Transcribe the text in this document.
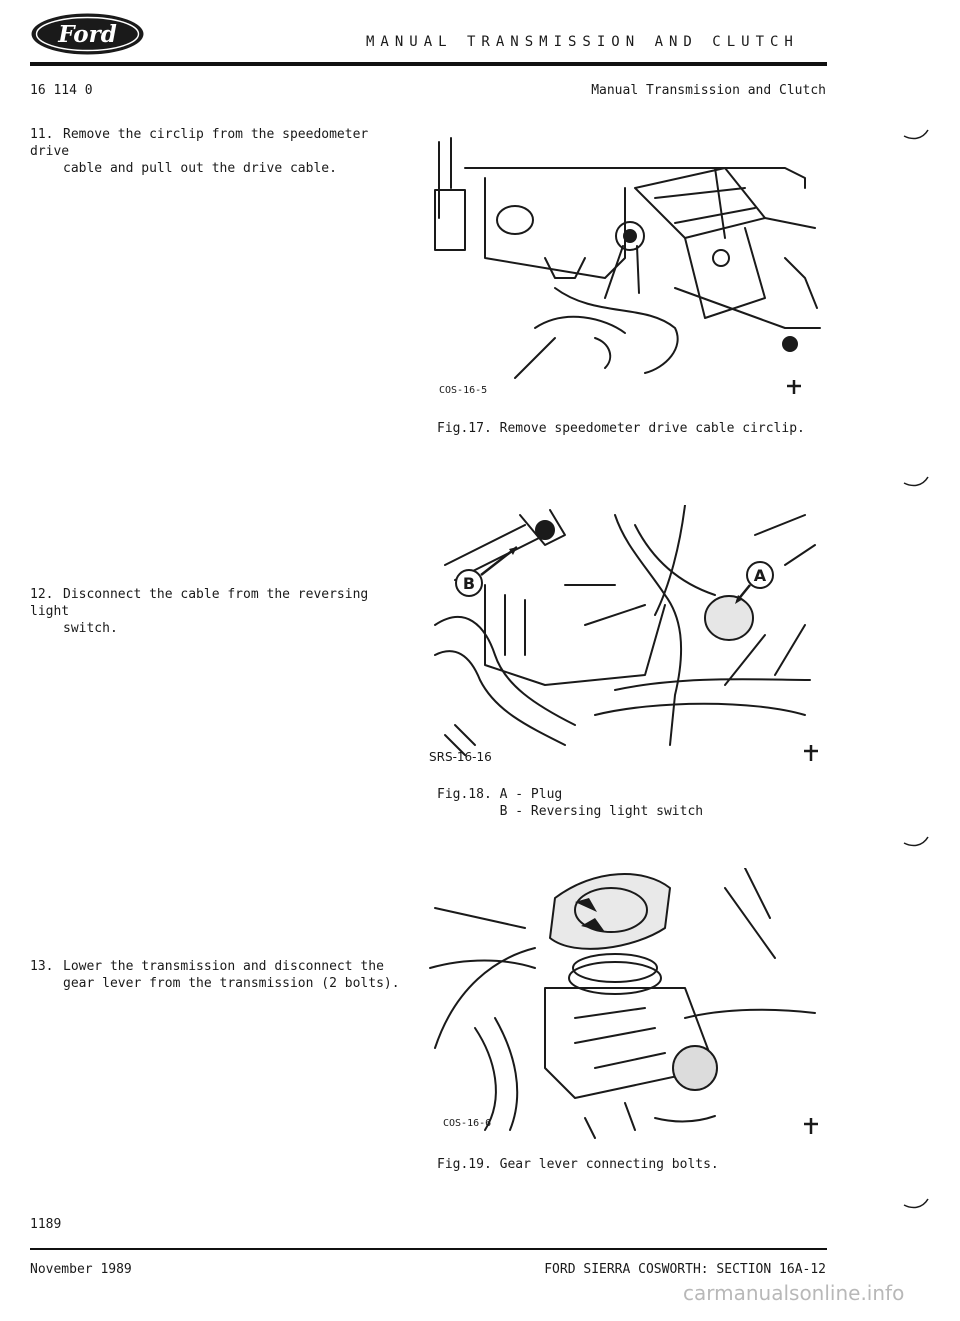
Ford	MANUAL TRANSMISSION AND CLUTCH
16 114 0	Manual Transmission and Clutch
11. Remove the circlip from the speedometer drive
cable and pull out the drive cable.
12. Disconnect the cable from the reversing light
switch.
13. Lower the transmission and disconnect the
gear lever from the transmission (2 bolts).
COS-16-5
Fig.17. Remove speedometer drive cable circlip.
B	A
SRS-16-16
Fig.18. A - Plug
B - Reversing light switch
COS-16-6
Fig.19. Gear lever connecting bolts.
1189
November 1989	FORD SIERRA COSWORTH: SECTION 16A-12
carmanualsonline.info
